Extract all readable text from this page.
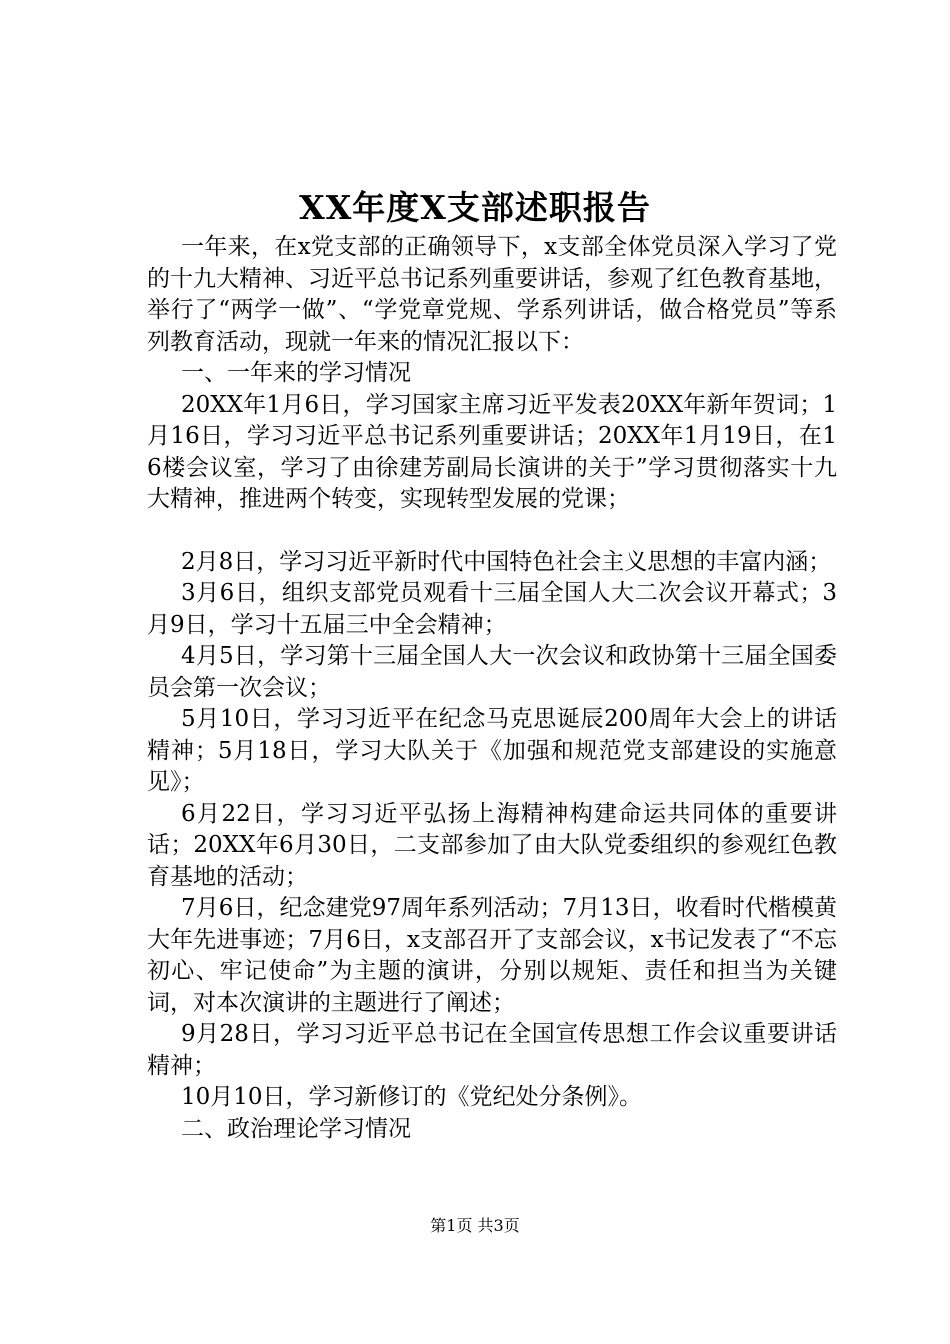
XX年度X支部述职报告

一年来，在x党支部的正确领导下，x支部全体党员深入学习了党的十九大精神、习近平总书记系列重要讲话，参观了红色教育基地，举行了“两学一做”、“学党章党规、学系列讲话，做合格党员”等系列教育活动，现就一年来的情况汇报以下：

一、一年来的学习情况

20XX年1月6日，学习国家主席习近平发表20XX年新年贺词；1月16日，学习习近平总书记系列重要讲话；20XX年1月19日，在16楼会议室，学习了由徐建芳副局长演讲的关于”学习贯彻落实十九大精神，推进两个转变，实现转型发展的党课；

2月8日，学习习近平新时代中国特色社会主义思想的丰富内涵；

3月6日，组织支部党员观看十三届全国人大二次会议开幕式；3月9日，学习十五届三中全会精神；

4月5日，学习第十三届全国人大一次会议和政协第十三届全国委员会第一次会议；

5月10日，学习习近平在纪念马克思诞辰200周年大会上的讲话精神；5月18日，学习大队关于《加强和规范党支部建设的实施意见》；

6月22日，学习习近平弘扬上海精神构建命运共同体的重要讲话；20XX年6月30日，二支部参加了由大队党委组织的参观红色教育基地的活动；

7月6日，纪念建党97周年系列活动；7月13日，收看时代楷模黄大年先进事迹；7月6日，x支部召开了支部会议，x书记发表了“不忘初心、牢记使命”为主题的演讲，分别以规矩、责任和担当为关键词，对本次演讲的主题进行了阐述；

9月28日，学习习近平总书记在全国宣传思想工作会议重要讲话精神；

10月10日，学习新修订的《党纪处分条例》。

二、政治理论学习情况

第1页 共3页
